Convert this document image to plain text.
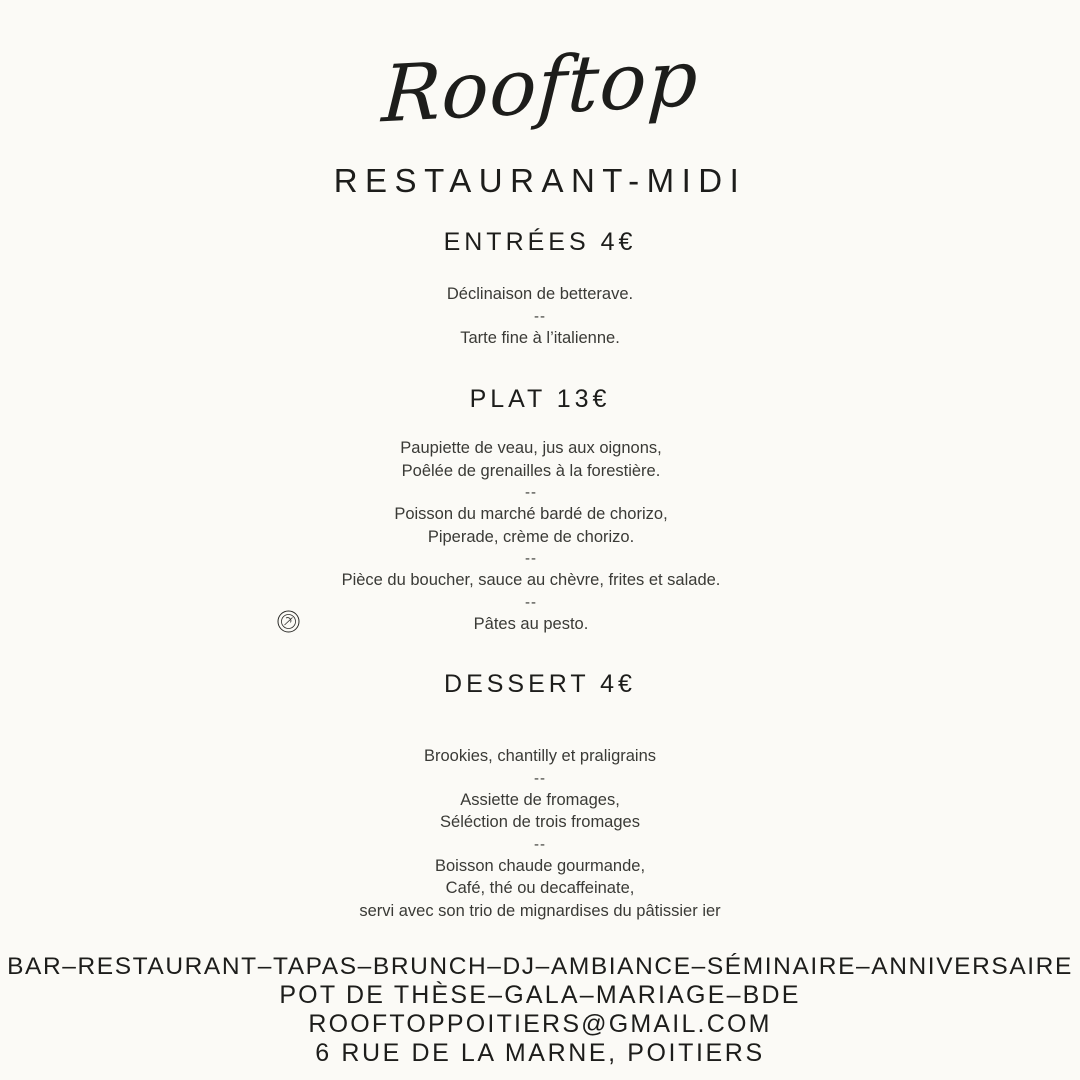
Rooftop
RESTAURANT-MIDI
ENTRÉES 4€
Déclinaison de betterave.
--
Tarte fine à l’italienne.
PLAT 13€
Paupiette de veau, jus aux oignons,
Poêlée de grenailles à la forestière.
--
Poisson du marché bardé de chorizo,
Piperade, crème de chorizo.
--
Pièce du boucher, sauce au chèvre, frites et salade.
--
Pâtes au pesto.
DESSERT 4€
Brookies, chantilly et praligrains
--
Assiette de fromages,
Séléction de trois fromages
--
Boisson chaude gourmande,
Café, thé ou decaffeinate,
servi avec son trio de mignardises du pâtissier ier
BAR–RESTAURANT–TAPAS–BRUNCH–DJ–AMBIANCE–SÉMINAIRE–ANNIVERSAIRE
POT DE THÈSE–GALA–MARIAGE–BDE
ROOFTOPPOITIERS@GMAIL.COM
6 RUE DE LA MARNE, POITIERS
